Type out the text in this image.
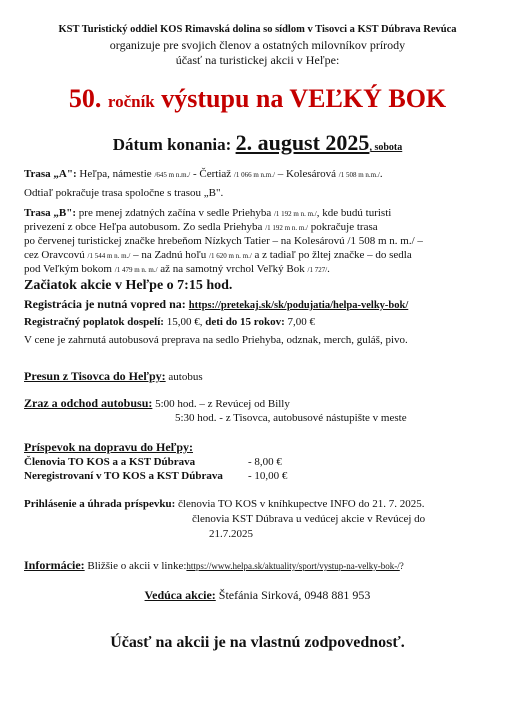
KST Turistický oddiel KOS Rimavská dolina so sídlom v Tisovci a KST Dúbrava Revúca
organizuje pre svojich členov a ostatných milovníkov prírody
účasť na turistickej akcii v Heľpe:
50. ročník výstupu na VEĽKÝ BOK
Dátum konania: 2. august 2025, sobota
Trasa „A": Heľpa, námestie /645 m n.m./ - Čertiaž /1 066 m n.m./ – Kolesárová /1 508 m n.m./.
Odtiaľ pokračuje trasa spoločne s trasou „B".
Trasa „B": pre menej zdatných začína v sedle Priehyba /1 192 m n. m./, kde budú turisti
privezení z obce Heľpa autobusom. Zo sedla Priehyba /1 192 m n. m./ pokračuje trasa
po červenej turistickej značke hrebeňom Nízkych Tatier – na Kolesárovú /1 508 m n. m./ –
cez Oravcovú /1 544 m n. m./ – na Zadnú hoľu /1 620 m n. m./ a z tadiaľ po žltej značke – do sedla
pod Veľkým bokom /1 479 m n. m./ až na samotný vrchol Veľký Bok /1 727/.
Začiatok akcie v Heľpe o 7:15 hod.
Registrácia je nutná vopred na: https://pretekaj.sk/sk/podujatia/helpa-velky-bok/
Registračný poplatok dospelí: 15,00 €, deti do 15 rokov: 7,00 €
V cene je zahrnutá autobusová preprava na sedlo Priehyba, odznak, merch, guláš, pivo.
Presun z Tisovca do Heľpy: autobus
Zraz a odchod autobusu: 5:00 hod. – z Revúcej od Billy
5:30 hod. - z Tisovca, autobusové nástupište v meste
Príspevok na dopravu do Heľpy:
Členovia TO KOS a a KST Dúbrava	- 8,00 €
Neregistrovaní v TO KOS a KST Dúbrava - 10,00 €
Prihlásenie a úhrada príspevku: členovia TO KOS v kníhkupectve INFO do 21. 7. 2025.
členovia KST Dúbrava u vedúcej akcie v Revúcej do
21.7.2025
Informácie: Bližšie o akcii v linke:https://www.helpa.sk/aktuality/sport/vystup-na-velky-bok-/?
Vedúca akcie: Štefánia Sirková, 0948 881 953
Účasť na akcii je na vlastnú zodpovednosť.
